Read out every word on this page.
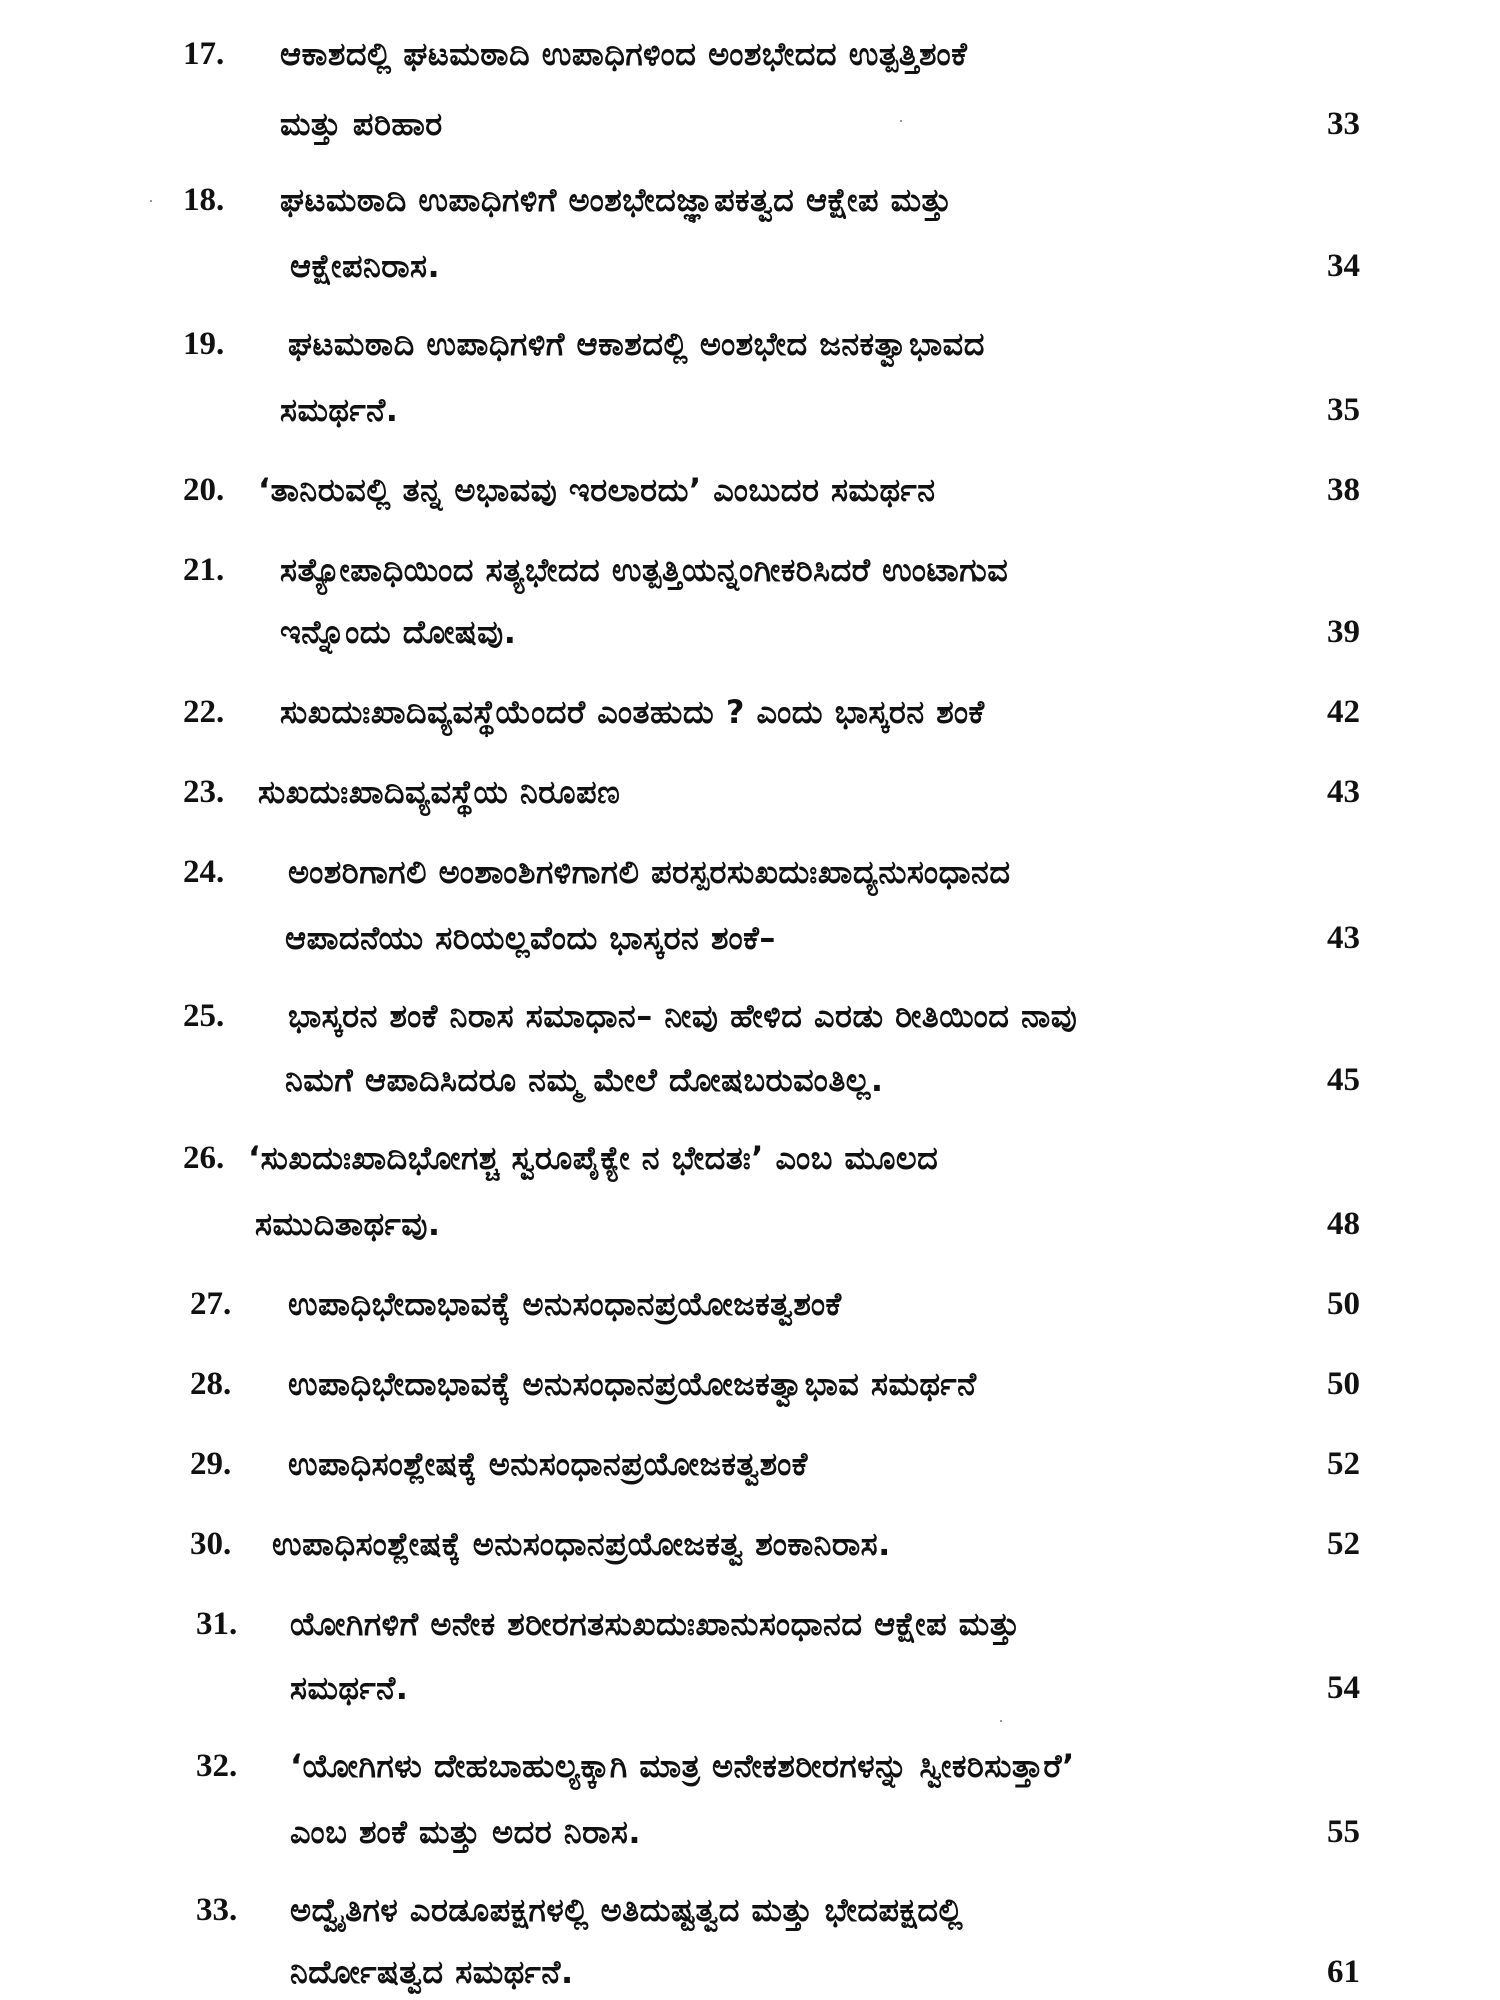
17. ಆಕಾಶದಲ್ಲಿ ಘಟಮಠಾದಿ ಉಪಾಧಿಗಳಿಂದ ಅಂಶಭೇದದ ಉತ್ಪತ್ತಿಶಂಕೆ
ಮತ್ತು ಪರಿಹಾರ	33
18. ಘಟಮಠಾದಿ ಉಪಾಧಿಗಳಿಗೆ ಅಂಶಭೇದಜ್ಞಾಪಕತ್ವದ ಆಕ್ಷೇಪ ಮತ್ತು
ಆಕ್ಷೇಪನಿರಾಸ.	34
19. ಘಟಮಠಾದಿ ಉಪಾಧಿಗಳಿಗೆ ಆಕಾಶದಲ್ಲಿ ಅಂಶಭೇದ ಜನಕತ್ವಾಭಾವದ
ಸಮರ್ಥನೆ.	35
20. ‘ತಾನಿರುವಲ್ಲಿ ತನ್ನ ಅಭಾವವು ಇರಲಾರದು’ ಎಂಬುದರ ಸಮರ್ಥನ	38
21. ಸತ್ಯೋಪಾಧಿಯಿಂದ ಸತ್ಯಭೇದದ ಉತ್ಪತ್ತಿಯನ್ನಂಗೀಕರಿಸಿದರೆ ಉಂಟಾಗುವ
ಇನ್ನೊಂದು ದೋಷವು.	39
22. ಸುಖದುಃಖಾದಿವ್ಯವಸ್ಥೆಯೆಂದರೆ ಎಂತಹುದು ? ಎಂದು ಭಾಸ್ಕರನ ಶಂಕೆ	42
23. ಸುಖದುಃಖಾದಿವ್ಯವಸ್ಥೆಯ ನಿರೂಪಣ	43
24. ಅಂಶರಿಗಾಗಲಿ ಅಂಶಾಂಶಿಗಳಿಗಾಗಲಿ ಪರಸ್ಪರಸುಖದುಃಖಾದ್ಯನುಸಂಧಾನದ
ಆಪಾದನೆಯು ಸರಿಯಲ್ಲವೆಂದು ಭಾಸ್ಕರನ ಶಂಕೆ–	43
25. ಭಾಸ್ಕರನ ಶಂಕೆ ನಿರಾಸ ಸಮಾಧಾನ– ನೀವು ಹೇಳಿದ ಎರಡು ರೀತಿಯಿಂದ ನಾವು
ನಿಮಗೆ ಆಪಾದಿಸಿದರೂ ನಮ್ಮ ಮೇಲೆ ದೋಷಬರುವಂತಿಲ್ಲ.	45
26. ‘ಸುಖದುಃಖಾದಿಭೋಗಶ್ಚ ಸ್ವರೂಪೈಕ್ಯೇ ನ ಭೇದತಃ’ ಎಂಬ ಮೂಲದ
ಸಮುದಿತಾರ್ಥವು.	48
27. ಉಪಾಧಿಭೇದಾಭಾವಕ್ಕೆ ಅನುಸಂಧಾನಪ್ರಯೋಜಕತ್ವಶಂಕೆ	50
28. ಉಪಾಧಿಭೇದಾಭಾವಕ್ಕೆ ಅನುಸಂಧಾನಪ್ರಯೋಜಕತ್ವಾಭಾವ ಸಮರ್ಥನೆ	50
29. ಉಪಾಧಿಸಂಶ್ಲೇಷಕ್ಕೆ ಅನುಸಂಧಾನಪ್ರಯೋಜಕತ್ವಶಂಕೆ	52
30. ಉಪಾಧಿಸಂಶ್ಲೇಷಕ್ಕೆ ಅನುಸಂಧಾನಪ್ರಯೋಜಕತ್ವ ಶಂಕಾನಿರಾಸ.	52
31. ಯೋಗಿಗಳಿಗೆ ಅನೇಕ ಶರೀರಗತಸುಖದುಃಖಾನುಸಂಧಾನದ ಆಕ್ಷೇಪ ಮತ್ತು
ಸಮರ್ಥನೆ.	54
32. ‘ಯೋಗಿಗಳು ದೇಹಬಾಹುಲ್ಯಕ್ಕಾಗಿ ಮಾತ್ರ ಅನೇಕಶರೀರಗಳನ್ನು ಸ್ವೀಕರಿಸುತ್ತಾರೆ’
ಎಂಬ ಶಂಕೆ ಮತ್ತು ಅದರ ನಿರಾಸ.	55
33. ಅದ್ವೈತಿಗಳ ಎರಡೂಪಕ್ಷಗಳಲ್ಲಿ ಅತಿದುಷ್ಟತ್ವದ ಮತ್ತು ಭೇದಪಕ್ಷದಲ್ಲಿ
ನಿರ್ದೋಷತ್ವದ ಸಮರ್ಥನೆ.	61
